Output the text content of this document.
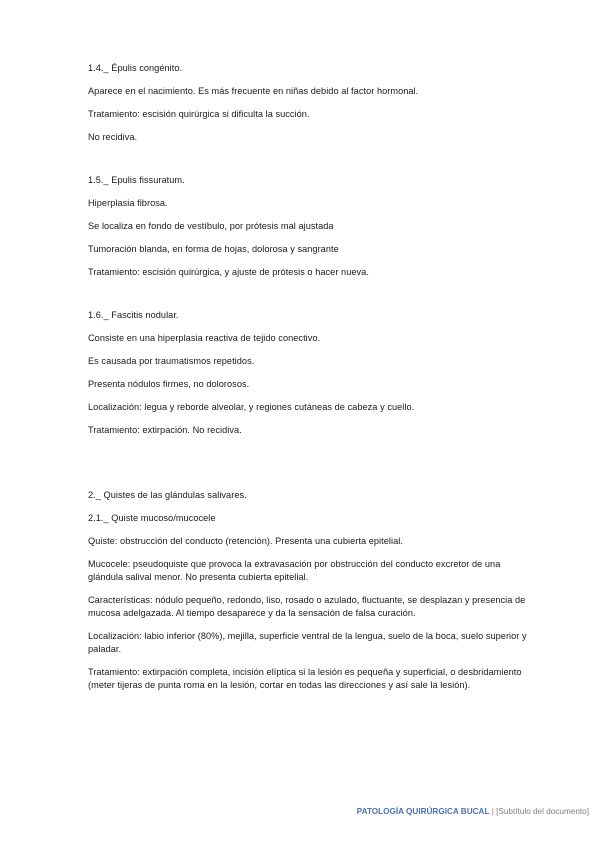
1.4._ Épulis congénito.

Aparece en el nacimiento. Es más frecuente en niñas debido al factor hormonal.

Tratamiento: escisión quirúrgica si dificulta la succión.

No recidiva.

1.5._ Epulis fissuratum.

Hiperplasia fibrosa.

Se localiza en fondo de vestíbulo, por prótesis mal ajustada

Tumoración blanda, en forma de hojas, dolorosa y sangrante

Tratamiento: escisión quirúrgica, y ajuste de prótesis o hacer nueva.

1.6._ Fascitis nodular.

Consiste en una hiperplasia reactiva de tejido conectivo.

Es causada por traumatismos repetidos.

Presenta nódulos firmes, no dolorosos.

Localización: legua y reborde alveolar, y regiones cutáneas de cabeza y cuello.

Tratamiento: extirpación. No recidiva.

2._ Quistes de las glándulas salivares.

2.1._ Quiste mucoso/mucocele

Quiste: obstrucción del conducto (retención). Presenta una cubierta epitelial.

Mucocele: pseudoquiste que provoca la extravasación por obstrucción del conducto excretor de una glándula salival menor. No presenta cubierta epitelial.

Características: nódulo pequeño, redondo, liso, rosado o azulado, fluctuante, se desplazan y presencia de mucosa adelgazada. Al tiempo desaparece y da la sensación de falsa curación.

Localización: labio inferior (80%), mejilla, superficie ventral de la lengua, suelo de la boca, suelo superior y paladar.

Tratamiento: extirpación completa, incisión elíptica si la lesión es pequeña y superficial, o desbridamiento (meter tijeras de punta roma en la lesión, cortar en todas las direcciones y así sale la lesión).

PATOLOGÍA QUIRÚRGICA BUCAL | [Subtítulo del documento]
